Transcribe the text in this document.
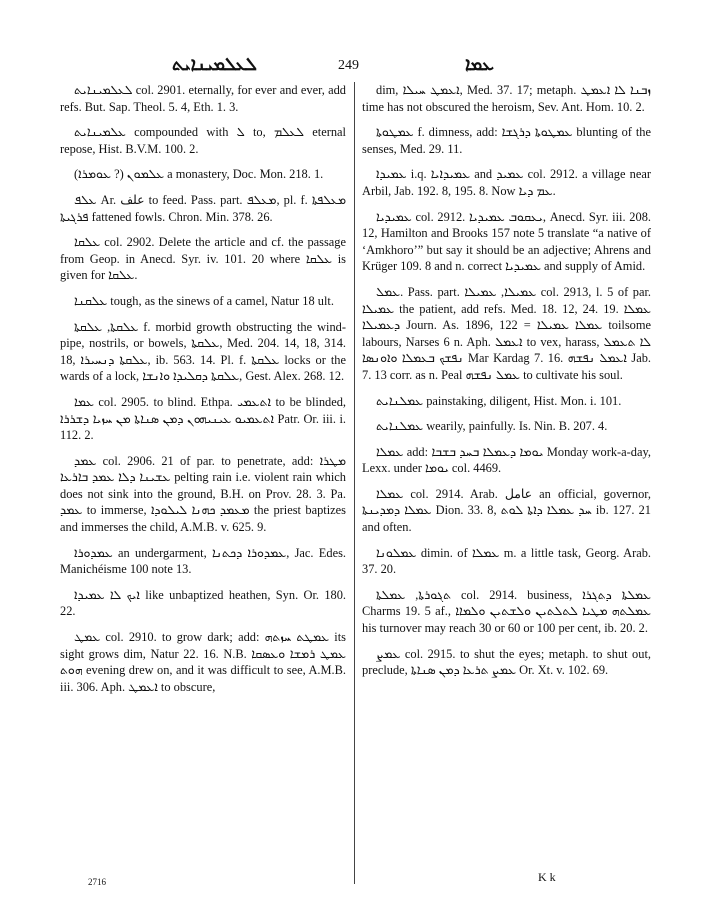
ܠܥܠܡܝܢܐܝܬ	249	ܥܡܐ

ܠܥܠܡܝܢܐܝܬ col. 2901. eternally, for ever and ever, add refs. But. Sap. Theol. 5. 4, Eth. 1. 3.

ܥܠܡܝܢܐܝܬ compounded with ܠ to, ܠܥܠܡ eternal repose, Hist. B.V.M. 100. 2.

ܥܠܡܘܢ (? ܥܘܡܪܐ) a monastery, Doc. Mon. 218. 1.

ܥܠܦ Ar. علف to feed. Pass. part. ܡܥܠܦ, pl. f. ܡܥܠܦܬܐ ܦܪܓܝܬܐ fattened fowls. Chron. Min. 378. 26.

ܥܠܩܐ col. 2902. Delete the article and cf. the passage from Geop. in Anecd. Syr. iv. 101. 20 where ܥܠܩܐ is given for ܥܠܩܐ.

ܥܠܩܢܐ tough, as the sinews of a camel, Natur 18 ult.

ܥܠܩܬܐ, ܥܠܩܬܐ f. morbid growth obstructing the wind-pipe, nostrils, or bowels, ܥܠܩܬܐ, Med. 204. 14, 18, 314. 18, ܥܠܩܬܐ ܕܢܚܝܪܐ, ib. 563. 14. Pl. f. ܥܠܩܬܐ locks or the wards of a lock, ܥܠܩܬܐ ܕܩܠܝܕܐ ܘܐܢܫܐ, Gest. Alex. 268. 12.

ܥܡܐ col. 2905. to blind. Ethpa. ܐܬܥܡܝ to be blinded, ܐܬܥܡܝܘ ܥܝܢܝܗܘܢ ܕܡܢ ܣܢܐܬܐ ܡܢ ܚܙܝܐ ܕܫܪܪܐ Patr. Or. iii. i. 112. 2.

ܥܡܕ col. 2906. 21 of par. to penetrate, add: ܡܛܪܐ ܥܫܝܢܐ ܕܠܐ ܥܡܕ ܒܐܪܥܐ pelting rain i.e. violent rain which does not sink into the ground, B.H. on Prov. 28. 3. Pa. ܥܡܕ to immerse, ܡܥܡܕ ܟܗܢܐ ܠܝܠܘܕܐ the priest baptizes and immerses the child, A.M.B. v. 625. 9.

ܥܡܕܘܪܐ an undergarment, ܥܡܕܘܪܐ ܕܟܬܢܐ, Jac. Edes. Manichéisme 100 note 13.

ܐܝܟ ܠܐ ܥܡܝܕܐ like unbaptized heathen, Syn. Or. 180. 22.

ܥܡܛ col. 2910. to grow dark; add: ܥܡܛܬ ܚܙܬܗ its sight grows dim, Natur 22. 16. N.B. ܥܡܛ ܪܡܫܐ ܘܥܣܩܐ ܗܘܬ evening drew on, and it was difficult to see, A.M.B. iii. 306. Aph. ܐܥܡܛ to obscure,

dim, ܐܥܡܛ ܚܝܠܐ, Med. 37. 17; metaph. ܙܒܢܐ ܠܐ ܐܥܡܛ time has not obscured the heroism, Sev. Ant. Hom. 10. 2.

ܥܡܛܘܬܐ f. dimness, add: ܥܡܛܘܬܐ ܕܪܓܫܐ blunting of the senses, Med. 29. 11.

ܥܡܝܕܐ i.q. ܥܡܝܕܐܝܐ and ܥܡܝܕ col. 2912. a village near Arbil, Jab. 192. 8, 195. 8. Now ܥܡ ܕܝܐ.

ܥܡܝܕܝܐ col. 2912. ܝܥܩܘܒ ܥܡܝܕܝܐ, Anecd. Syr. iii. 208. 12, Hamilton and Brooks 157 note 5 translate “a native of ‘Amkhoro’” but say it should be an adjective; Ahrens and Krüger 109. 8 and n. correct ܥܡܝܕܝܐ and supply of Amid.

ܥܡܠ. Pass. part. ܥܡܝܠܐ, ܥܡܝܠܐ col. 2913, l. 5 of par. ܥܡܝܠܐ the patient, add refs. Med. 18. 12, 24. 19. ܥܡܠܐ ܕܥܡܝܠܐ Journ. As. 1896, 122 = ܥܡܠܐ ܥܡܝܠܐ toilsome labours, Narses 6 n. Aph. ܐܥܡܠ to vex, harass, ܠܐ ܬܥܡܠ ܢܦܫܟ ܒܥܡܠܐ ܘܐܘܢܣܐ Mar Kardag 7. 16. ܐܥܡܠ ܢܦܫܗ Jab. 7. 13 corr. as n. Peal ܥܡܠ ܢܦܫܗ to cultivate his soul.

ܥܡܠܢܐܝܬ painstaking, diligent, Hist. Mon. i. 101.

ܥܡܠܢܐܝܬ wearily, painfully. Is. Nin. B. 207. 4.

ܥܡܠܐ add: ܝܘܡܐ ܕܥܡܠܐ ܒܚܕ ܒܫܒܐ Monday work-a-day, Lexx. under ܝܘܡܐ col. 4469.

ܥܡܠܐ col. 2914. Arab. عامل an official, governor, ܥܡܠܐ ܕܡܕܝܢܬܐ Dion. 33. 8, ܚܕ ܥܡܠܐ ܕܐܬܐ ܠܘܬ ib. 127. 21 and often.

ܥܡܠܘܢܐ dimin. of ܥܡܠܐ m. a little task, Georg. Arab. 37. 20.

ܬܓܘܪܬܐ, ܥܡܠܬܐ col. 2914. business, ܥܡܠܬܐ ܕܬܓܪܐ Charms 19. 5 af., ܥܡܠܬܗ ܡܛܝܐ ܠܬܠܬܝܢ ܘܠܫܬܝܢ ܘܠܡܐܐ his turnover may reach 30 or 60 or 100 per cent, ib. 20. 2.

ܥܡܨ col. 2915. to shut the eyes; metaph. to shut out, preclude, ܥܡܨ ܬܪܥܐ ܕܡܢ ܣܢܐܬܐ Or. Xt. v. 102. 69.

2716	K k
